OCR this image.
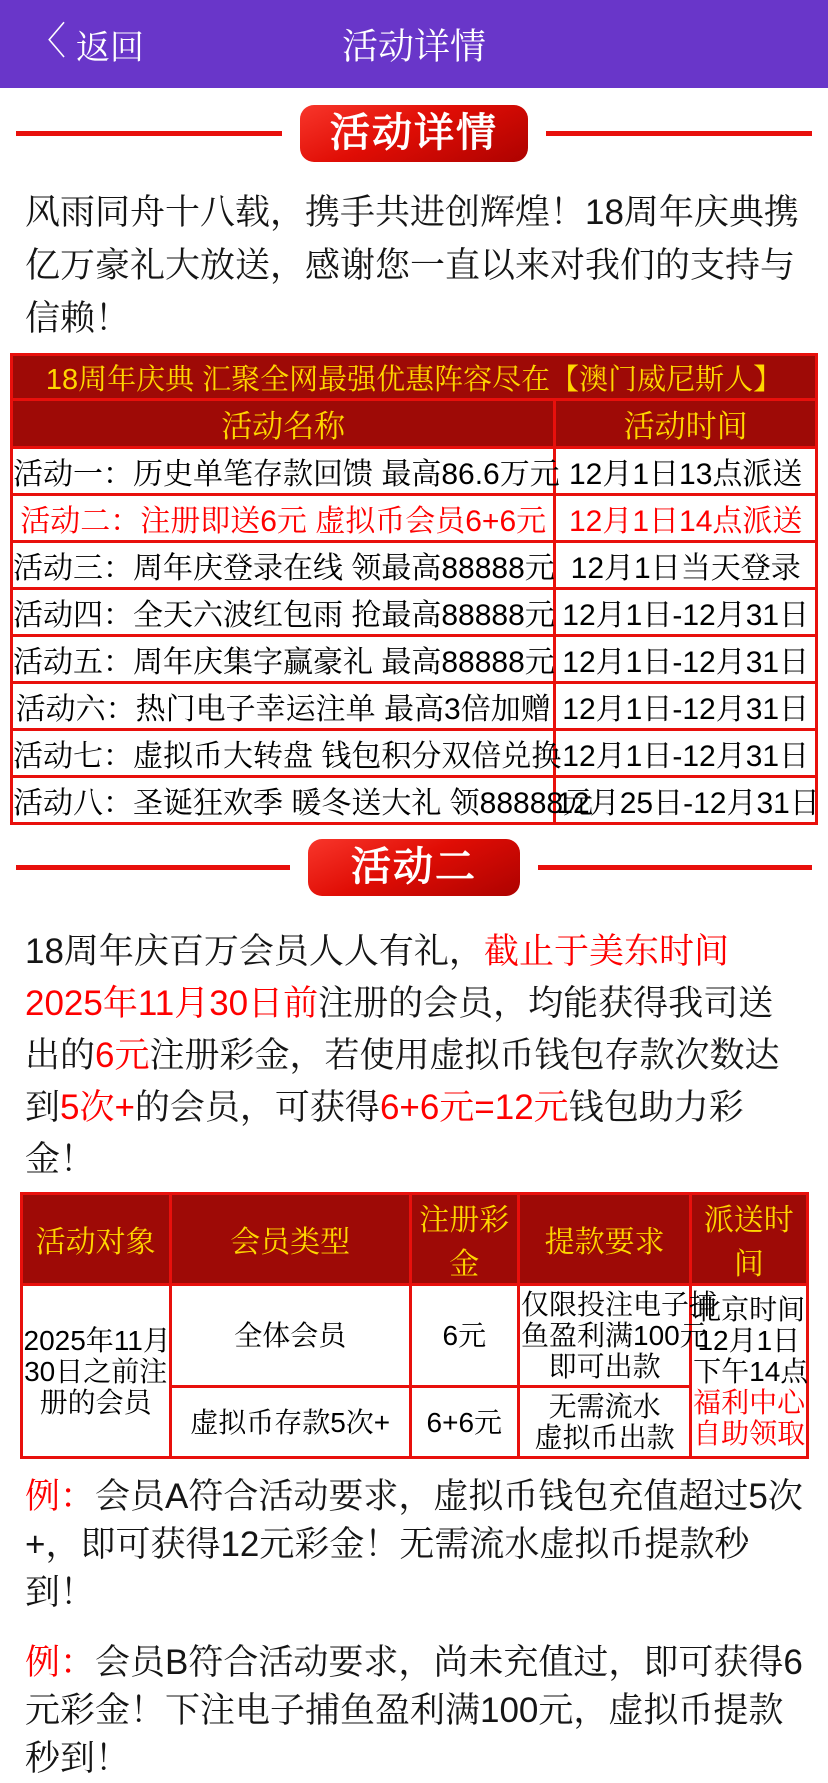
〈 返回	活动详情
活动详情

风雨同舟十八载，携手共进创辉煌！18周年庆典携亿万豪礼大放送，感谢您一直以来对我们的支持与信赖！

18周年庆典 汇聚全网最强优惠阵容尽在【澳门威尼斯人】	
活动名称	活动时间
活动一：历史单笔存款回馈 最高86.6万元	12月1日13点派送
活动二：注册即送6元 虚拟币会员6+6元	12月1日14点派送
活动三：周年庆登录在线 领最高88888元	12月1日当天登录
活动四：全天六波红包雨 抢最高88888元	12月1日-12月31日
活动五：周年庆集字赢豪礼 最高88888元	12月1日-12月31日
活动六：热门电子幸运注单 最高3倍加赠	12月1日-12月31日
活动七：虚拟币大转盘 钱包积分双倍兑换	12月1日-12月31日
活动八：圣诞狂欢季 暖冬送大礼 领88888元	12月25日-12月31日
活动二

18周年庆百万会员人人有礼，截止于美东时间2025年11月30日前注册的会员，均能获得我司送出的6元注册彩金，若使用虚拟币钱包存款次数达到5次+的会员，可获得6+6元=12元钱包助力彩金！

活动对象	会员类型	注册彩金	提款要求	派送时间

2025年11月
30日之前注
册的会员	全体会员	6元	仅限投注电子捕
鱼盈利满100元
即可出款	北京时间
12月1日
下午14点
福利中心
自助领取

	虚拟币存款5次+	6+6元	无需流水
虚拟币出款	

例：会员A符合活动要求，虚拟币钱包充值超过5次+，即可获得12元彩金！无需流水虚拟币提款秒到！

例：会员B符合活动要求，尚未充值过，即可获得6元彩金！下注电子捕鱼盈利满100元，虚拟币提款秒到！
